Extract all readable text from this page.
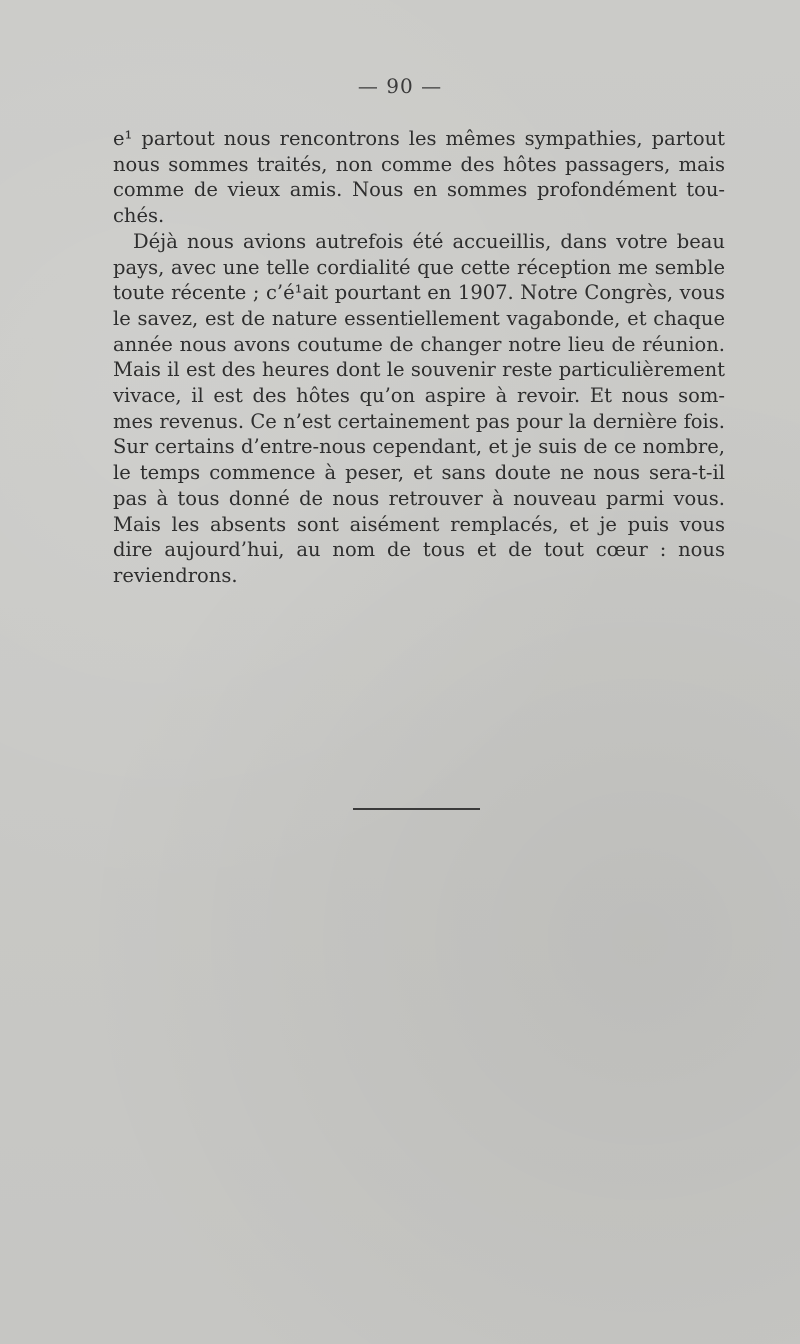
— 90 —

e¹ partout nous rencontrons les mêmes sympathies, partout
nous sommes traités, non comme des hôtes passagers, mais
comme de vieux amis. Nous en sommes profondément tou-
chés.

Déjà nous avions autrefois été accueillis, dans votre beau
pays, avec une telle cordialité que cette réception me semble
toute récente ; c’é¹ait pourtant en 1907. Notre Congrès, vous
le savez, est de nature essentiellement vagabonde, et chaque
année nous avons coutume de changer notre lieu de réunion.
Mais il est des heures dont le souvenir reste particulièrement
vivace, il est des hôtes qu’on aspire à revoir. Et nous som-
mes revenus. Ce n’est certainement pas pour la dernière fois.
Sur certains d’entre-nous cependant, et je suis de ce nombre,
le temps commence à peser, et sans doute ne nous sera-t-il
pas à tous donné de nous retrouver à nouveau parmi vous.
Mais les absents sont aisément remplacés, et je puis vous
dire aujourd’hui, au nom de tous et de tout cœur : nous
reviendrons.
